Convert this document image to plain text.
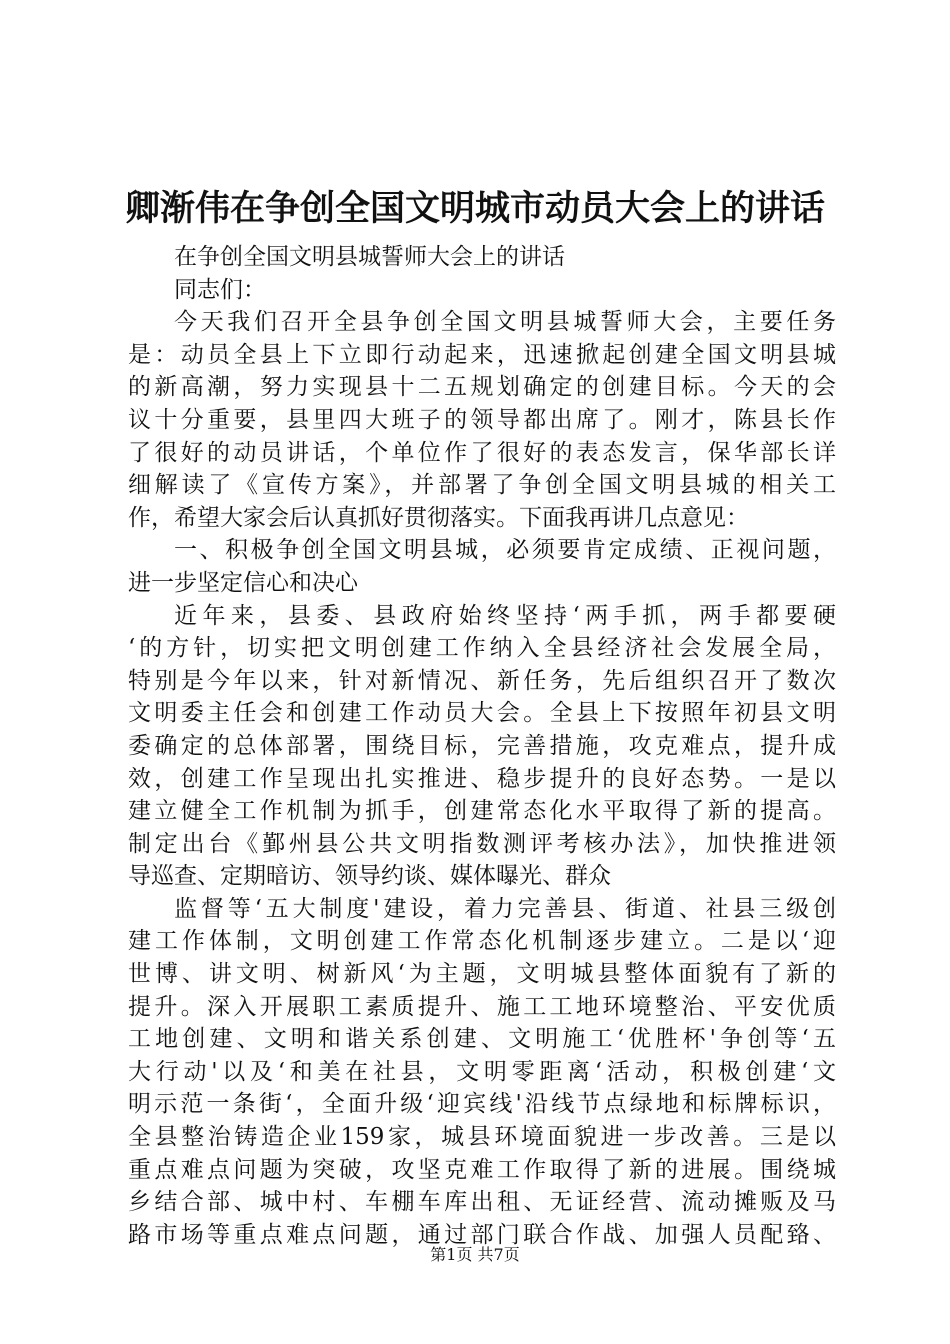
卿渐伟在争创全国文明城市动员大会上的讲话
在争创全国文明县城誓师大会上的讲话
同志们：
今天我们召开全县争创全国文明县城誓师大会，主要任务
是：动员全县上下立即行动起来，迅速掀起创建全国文明县城
的新高潮，努力实现县十二五规划确定的创建目标。今天的会
议十分重要，县里四大班子的领导都出席了。刚才，陈县长作
了很好的动员讲话，个单位作了很好的表态发言，保华部长详
细解读了《宣传方案》，并部署了争创全国文明县城的相关工
作，希望大家会后认真抓好贯彻落实。下面我再讲几点意见：
一、积极争创全国文明县城，必须要肯定成绩、正视问题，
进一步坚定信心和决心
近年来，县委、县政府始终坚持‘两手抓，两手都要硬
‘的方针，切实把文明创建工作纳入全县经济社会发展全局，
特别是今年以来，针对新情况、新任务，先后组织召开了数次
文明委主任会和创建工作动员大会。全县上下按照年初县文明
委确定的总体部署，围绕目标，完善措施，攻克难点，提升成
效，创建工作呈现出扎实推进、稳步提升的良好态势。一是以
建立健全工作机制为抓手，创建常态化水平取得了新的提高。
制定出台《鄞州县公共文明指数测评考核办法》，加快推进领
导巡查、定期暗访、领导约谈、媒体曝光、群众
监督等‘五大制度'建设，着力完善县、街道、社县三级创
建工作体制，文明创建工作常态化机制逐步建立。二是以‘迎
世博、讲文明、树新风‘为主题，文明城县整体面貌有了新的
提升。深入开展职工素质提升、施工工地环境整治、平安优质
工地创建、文明和谐关系创建、文明施工‘优胜杯'争创等‘五
大行动'以及‘和美在社县，文明零距离‘活动，积极创建‘文
明示范一条街‘，全面升级‘迎宾线'沿线节点绿地和标牌标识，
全县整治铸造企业159家，城县环境面貌进一步改善。三是以
重点难点问题为突破，攻坚克难工作取得了新的进展。围绕城
乡结合部、城中村、车棚车库出租、无证经营、流动摊贩及马
路市场等重点难点问题，通过部门联合作战、加强人员配臵、
第1页 共7页
